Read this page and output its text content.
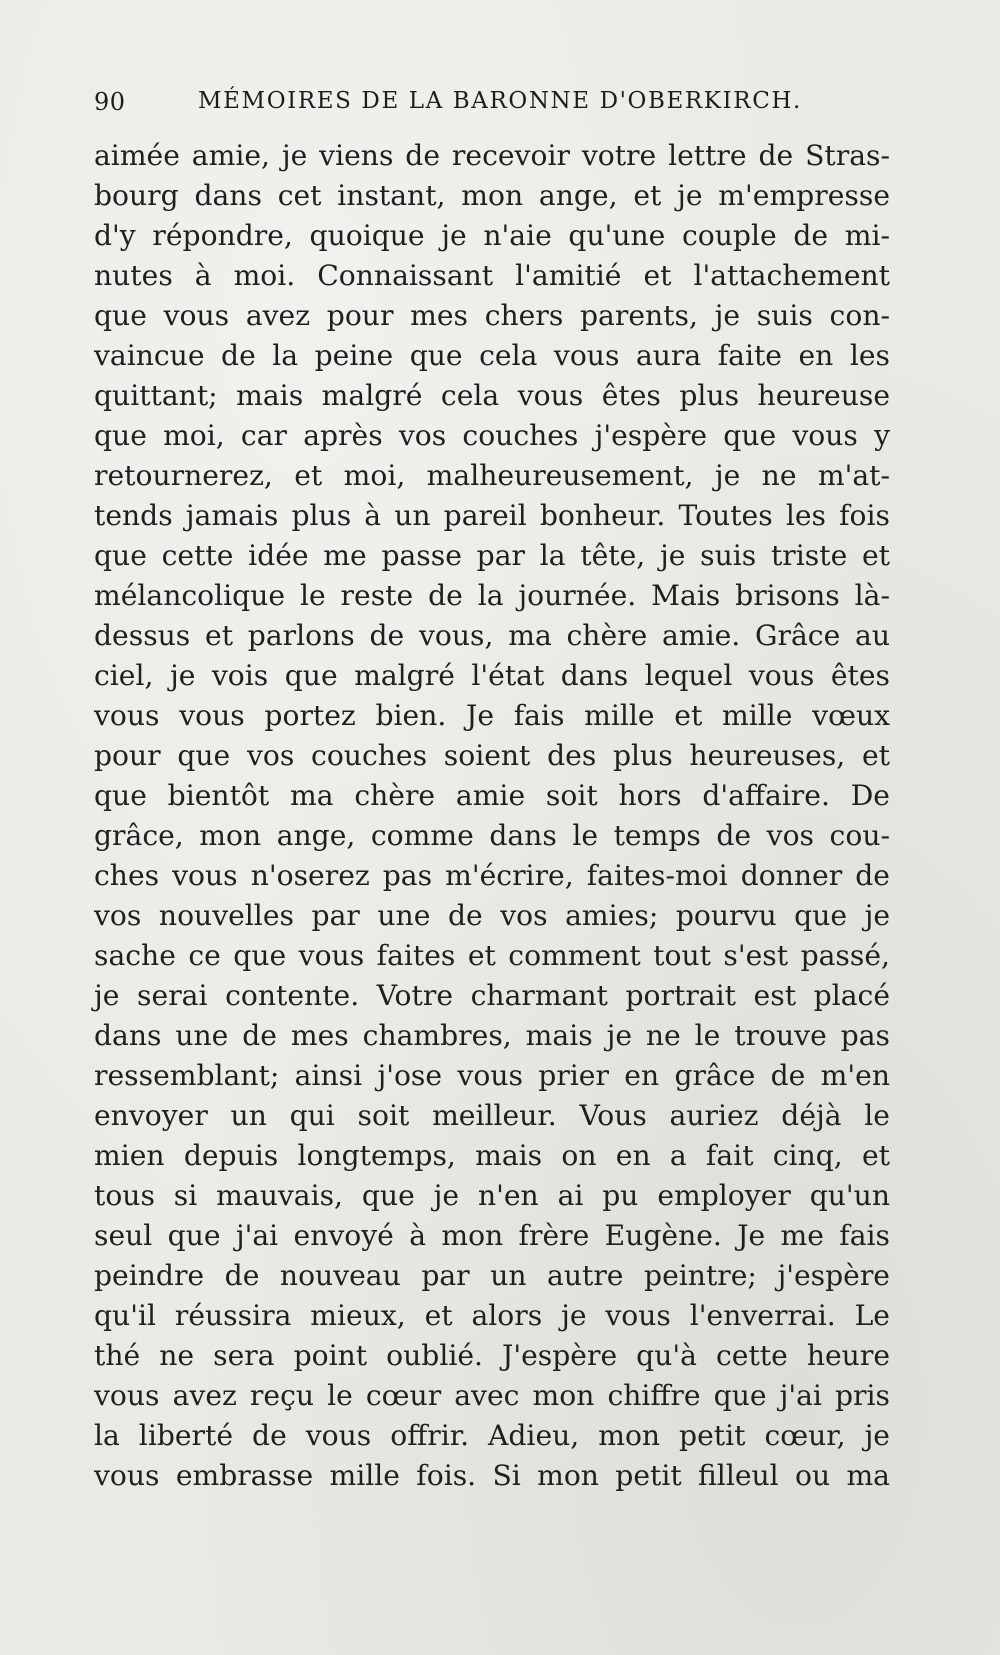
90	MÉMOIRES DE LA BARONNE D'OBERKIRCH.
aimée amie, je viens de recevoir votre lettre de Stras-
bourg dans cet instant, mon ange, et je m'empresse
d'y répondre, quoique je n'aie qu'une couple de mi-
nutes à moi. Connaissant l'amitié et l'attachement
que vous avez pour mes chers parents, je suis con-
vaincue de la peine que cela vous aura faite en les
quittant; mais malgré cela vous êtes plus heureuse
que moi, car après vos couches j'espère que vous y
retournerez, et moi, malheureusement, je ne m'at-
tends jamais plus à un pareil bonheur. Toutes les fois
que cette idée me passe par la tête, je suis triste et
mélancolique le reste de la journée. Mais brisons là-
dessus et parlons de vous, ma chère amie. Grâce au
ciel, je vois que malgré l'état dans lequel vous êtes
vous vous portez bien. Je fais mille et mille vœux
pour que vos couches soient des plus heureuses, et
que bientôt ma chère amie soit hors d'affaire. De
grâce, mon ange, comme dans le temps de vos cou-
ches vous n'oserez pas m'écrire, faites-moi donner de
vos nouvelles par une de vos amies; pourvu que je
sache ce que vous faites et comment tout s'est passé,
je serai contente. Votre charmant portrait est placé
dans une de mes chambres, mais je ne le trouve pas
ressemblant; ainsi j'ose vous prier en grâce de m'en
envoyer un qui soit meilleur. Vous auriez déjà le
mien depuis longtemps, mais on en a fait cinq, et
tous si mauvais, que je n'en ai pu employer qu'un
seul que j'ai envoyé à mon frère Eugène. Je me fais
peindre de nouveau par un autre peintre; j'espère
qu'il réussira mieux, et alors je vous l'enverrai. Le
thé ne sera point oublié. J'espère qu'à cette heure
vous avez reçu le cœur avec mon chiffre que j'ai pris
la liberté de vous offrir. Adieu, mon petit cœur, je
vous embrasse mille fois. Si mon petit filleul ou ma
